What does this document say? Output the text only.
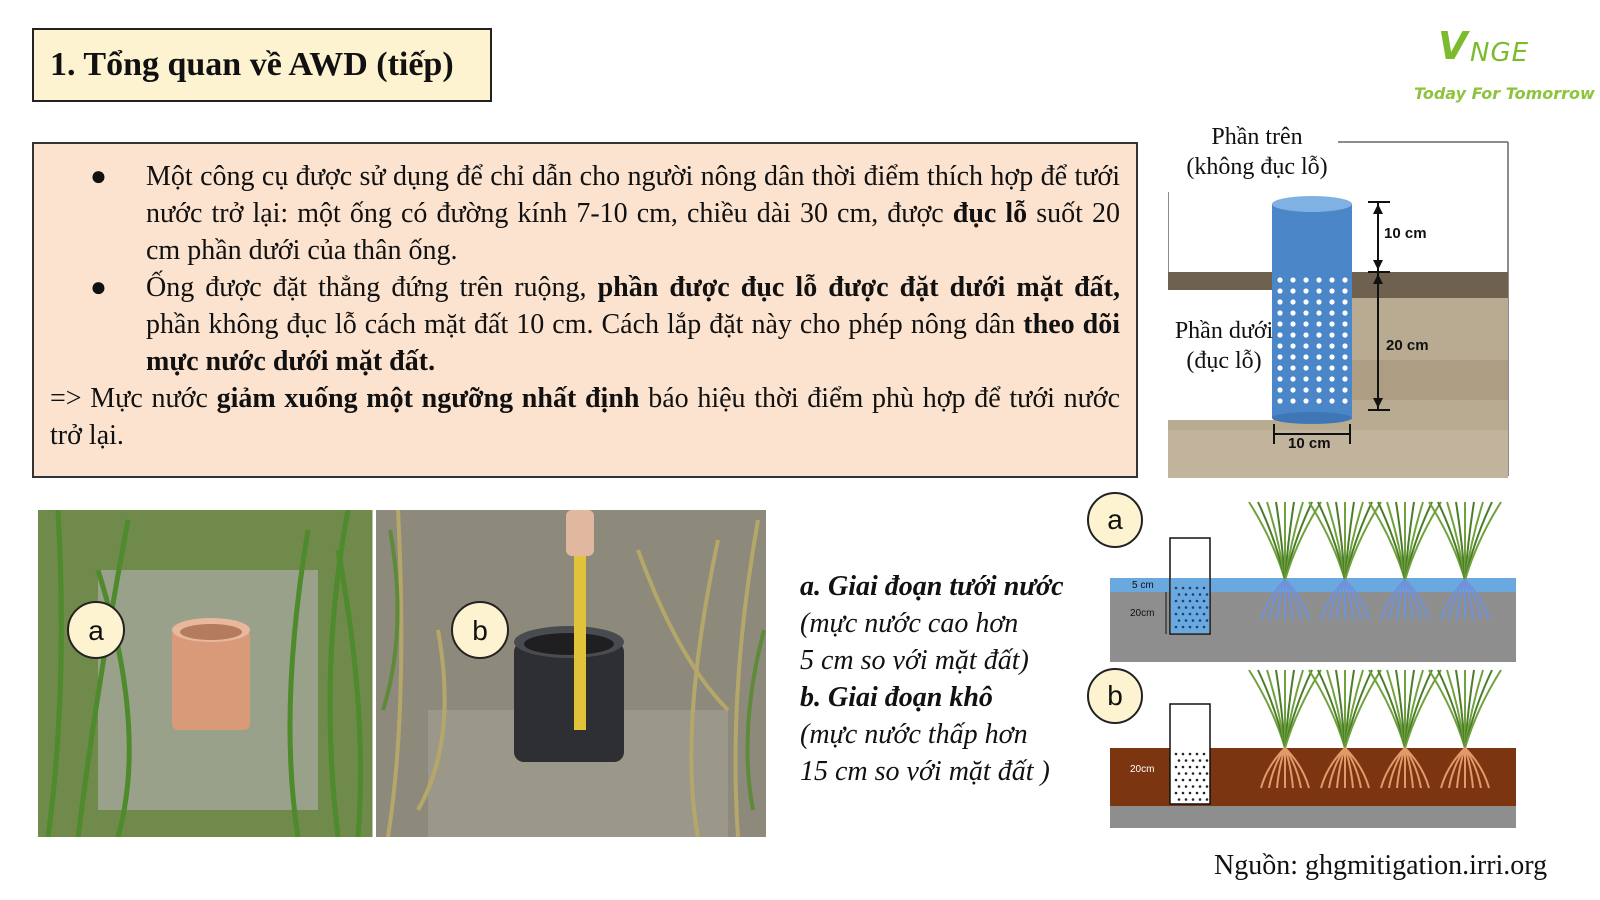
1. Tổng quan về AWD (tiếp)	V NGE
Today For Tomorrow
● Một công cụ được sử dụng để chỉ dẫn cho người nông dân thời điểm thích hợp để tưới nước trở lại: một ống có đường kính 7-10 cm, chiều dài 30 cm, được đục lỗ suốt 20 cm phần dưới của thân ống.
● Ống được đặt thẳng đứng trên ruộng, phần được đục lỗ được đặt dưới mặt đất, phần không đục lỗ cách mặt đất 10 cm. Cách lắp đặt này cho phép nông dân theo dõi mực nước dưới mặt đất.
=> Mực nước giảm xuống một ngưỡng nhất định báo hiệu thời điểm phù hợp để tưới nước trở lại.
10 cm
20 cm
10 cm
Phần trên
(không đục lỗ)
Phần dưới
(đục lỗ)
a	b
a. Giai đoạn tưới nước
(mực nước cao hơn
5 cm so với mặt đất)
b. Giai đoạn khô
(mực nước thấp hơn
15 cm so với mặt đất )
5 cm
20cm
a
20cm
b
Nguồn: ghgmitigation.irri.org
